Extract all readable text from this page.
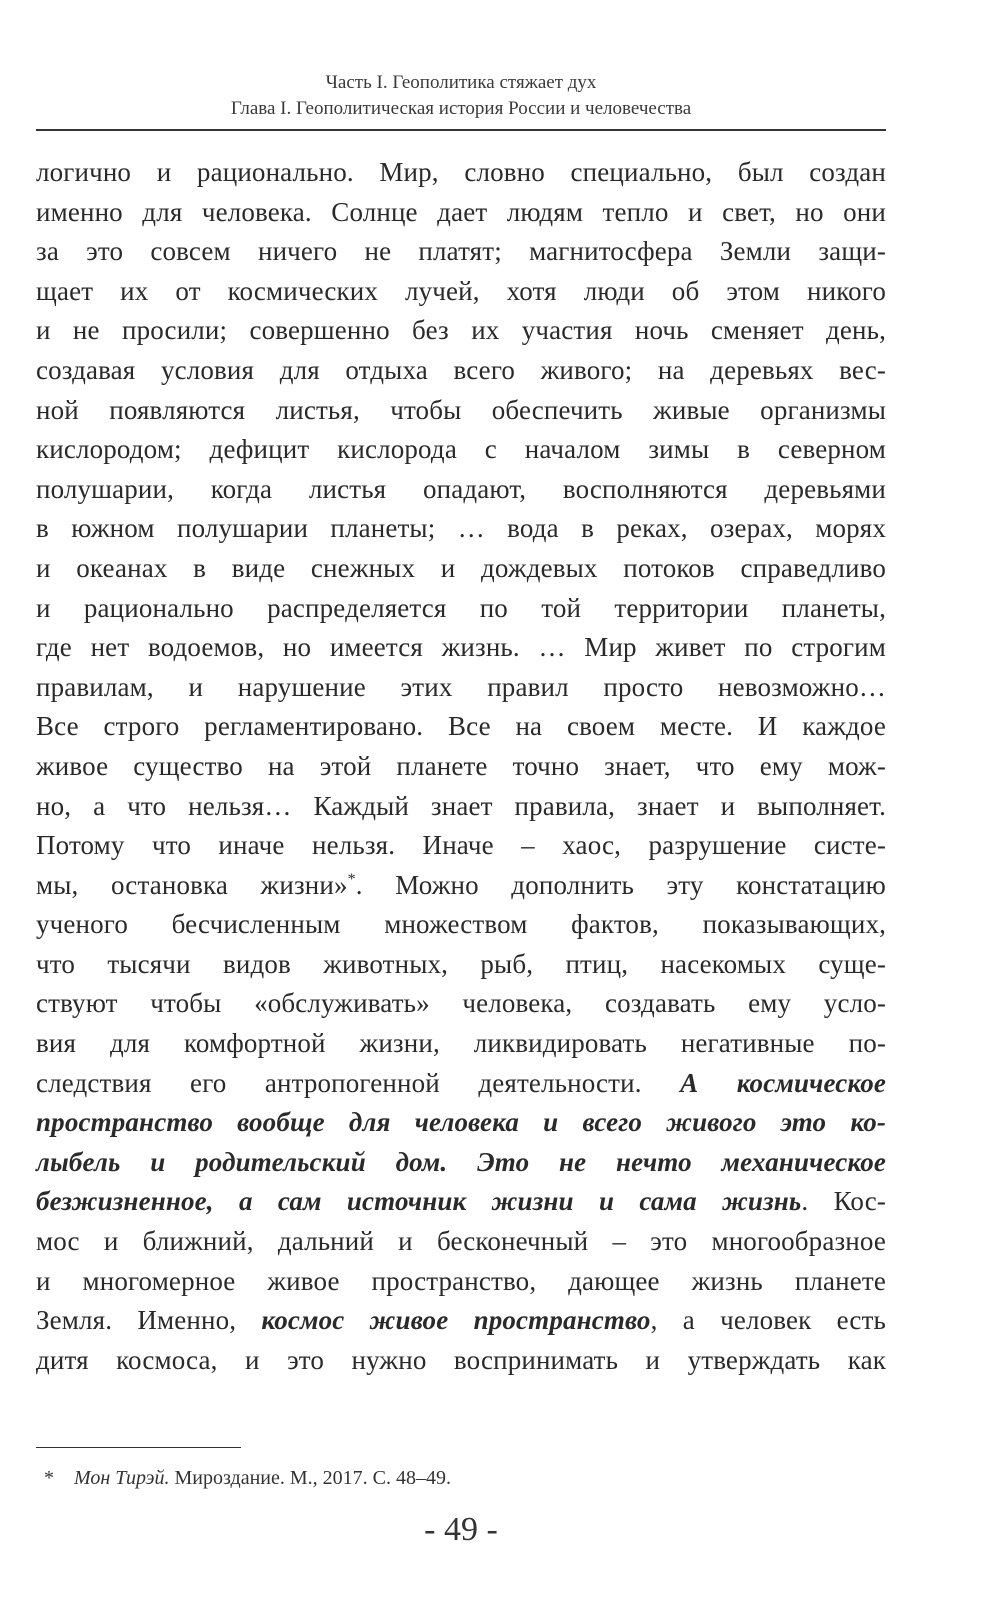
Часть I. Геополитика стяжает дух
Глава I. Геополитическая история России и человечества
логично и рационально. Мир, словно специально, был создан
именно для человека. Солнце дает людям тепло и свет, но они
за это совсем ничего не платят; магнитосфера Земли защи-
щает их от космических лучей, хотя люди об этом никого
и не просили; совершенно без их участия ночь сменяет день,
создавая условия для отдыха всего живого; на деревьях вес-
ной появляются листья, чтобы обеспечить живые организмы
кислородом; дефицит кислорода с началом зимы в северном
полушарии, когда листья опадают, восполняются деревьями
в южном полушарии планеты; … вода в реках, озерах, морях
и океанах в виде снежных и дождевых потоков справедливо
и рационально распределяется по той территории планеты,
где нет водоемов, но имеется жизнь. … Мир живет по строгим
правилам, и нарушение этих правил просто невозможно…
Все строго регламентировано. Все на своем месте. И каждое
живое существо на этой планете точно знает, что ему мож-
но, а что нельзя… Каждый знает правила, знает и выполняет.
Потому что иначе нельзя. Иначе – хаос, разрушение систе-
мы, остановка жизни»*. Можно дополнить эту констатацию
ученого бесчисленным множеством фактов, показывающих,
что тысячи видов животных, рыб, птиц, насекомых суще-
ствуют чтобы «обслуживать» человека, создавать ему усло-
вия для комфортной жизни, ликвидировать негативные по-
следствия его антропогенной деятельности. А космическое
пространство вообще для человека и всего живого это ко-
лыбель и родительский дом. Это не нечто механическое
безжизненное, а сам источник жизни и сама жизнь. Кос-
мос и ближний, дальний и бесконечный – это многообразное
и многомерное живое пространство, дающее жизнь планете
Земля. Именно, космос живое пространство, а человек есть
дитя космоса, и это нужно воспринимать и утверждать как
* Мон Тирэй. Мироздание. М., 2017. С. 48–49.
- 49 -
